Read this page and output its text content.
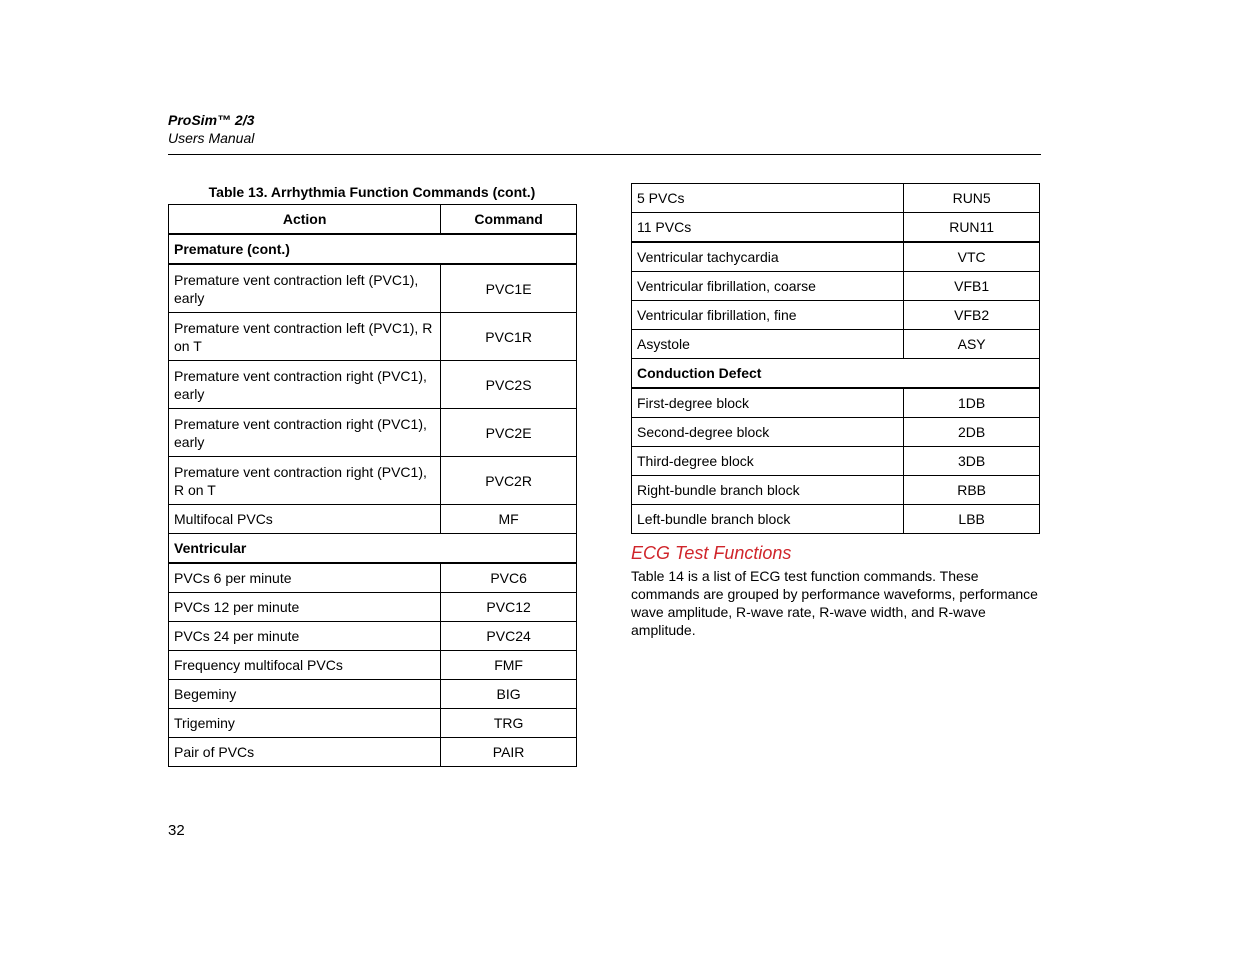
ProSim™ 2/3
Users Manual
Table 13. Arrhythmia Function Commands (cont.)
Action	Command
Premature (cont.)	
Premature vent contraction left (PVC1), early	PVC1E
Premature vent contraction left (PVC1), R on T	PVC1R
Premature vent contraction right (PVC1), early	PVC2S
Premature vent contraction right (PVC1), early	PVC2E
Premature vent contraction right (PVC1), R on T	PVC2R
Multifocal PVCs	MF
Ventricular	
PVCs 6 per minute	PVC6
PVCs 12 per minute	PVC12
PVCs 24 per minute	PVC24
Frequency multifocal PVCs	FMF
Begeminy	BIG
Trigeminy	TRG
Pair of PVCs	PAIR
5 PVCs	RUN5
11 PVCs	RUN11
Ventricular tachycardia	VTC
Ventricular fibrillation, coarse	VFB1
Ventricular fibrillation, fine	VFB2
Asystole	ASY
Conduction Defect	
First-degree block	1DB
Second-degree block	2DB
Third-degree block	3DB
Right-bundle branch block	RBB
Left-bundle branch block	LBB
ECG Test Functions
Table 14 is a list of ECG test function commands. These commands are grouped by performance waveforms, performance wave amplitude, R-wave rate, R-wave width, and R-wave amplitude.
32
